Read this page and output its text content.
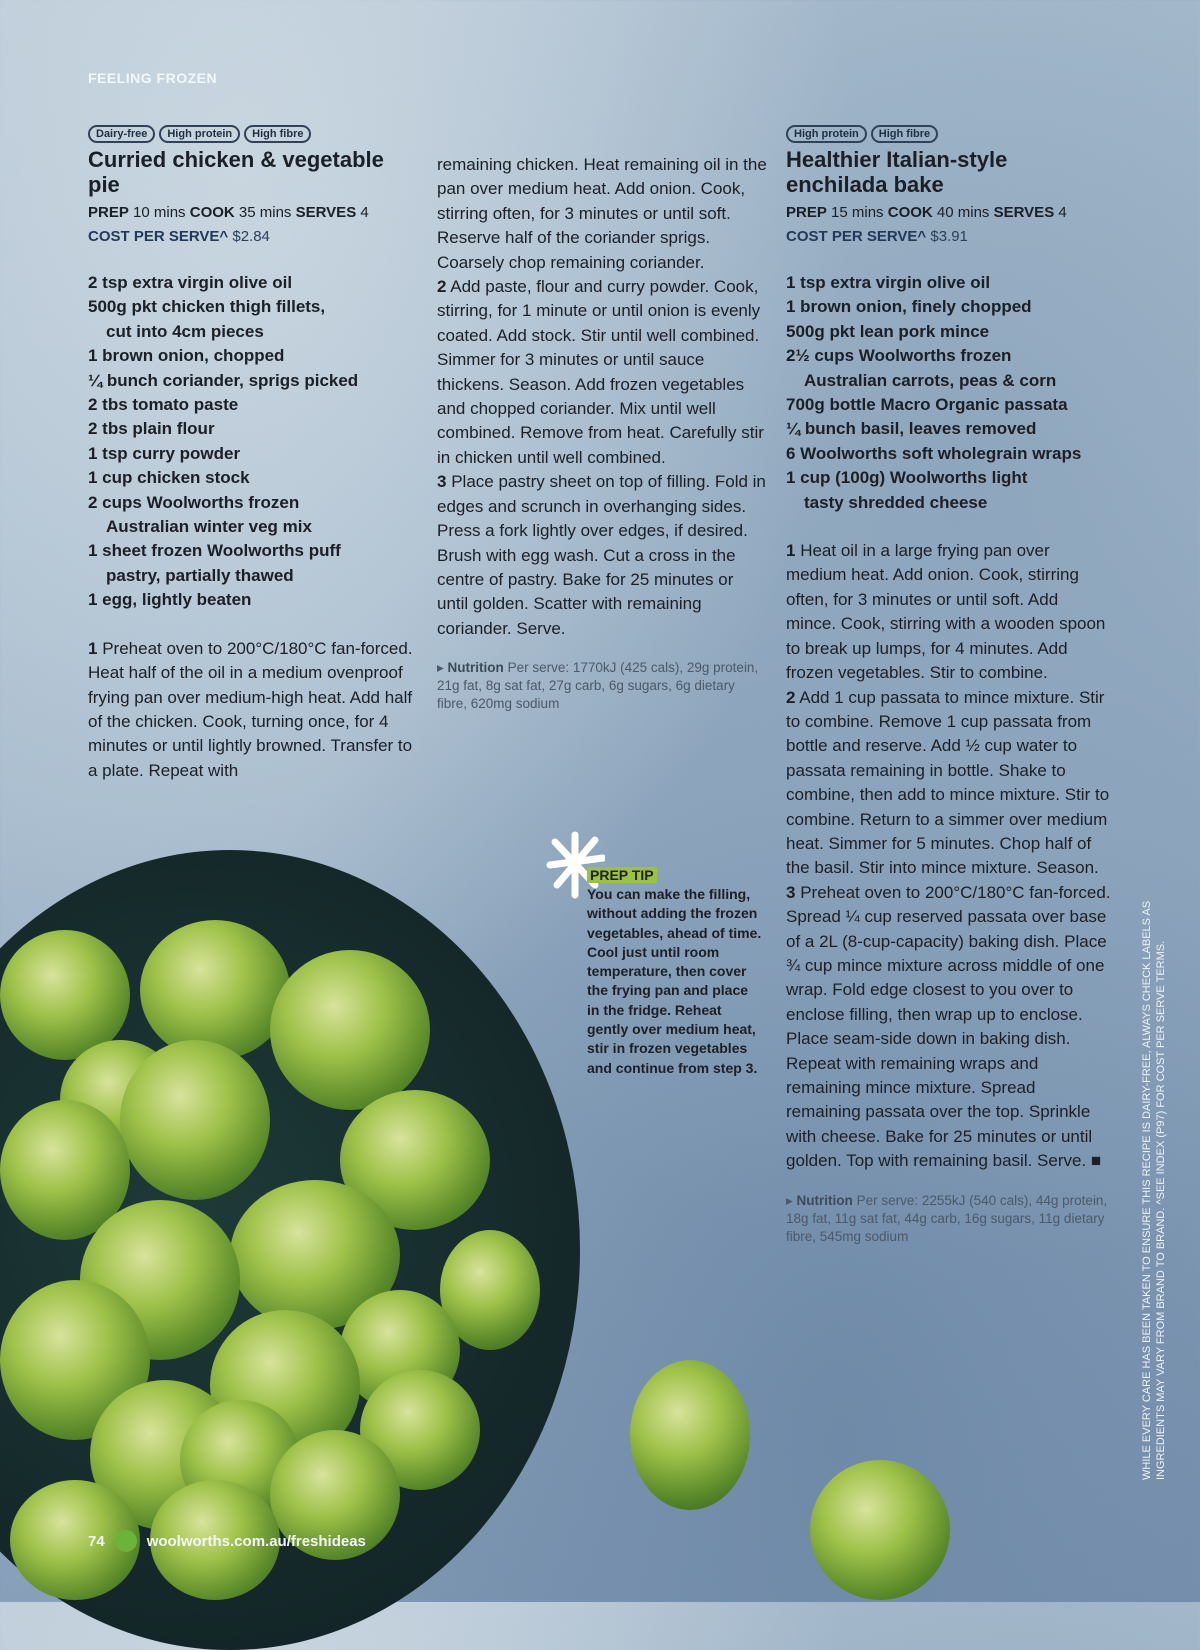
FEELING FROZEN
Dairy-free	High protein	High fibre
Curried chicken & vegetable pie
PREP 10 mins COOK 35 mins SERVES 4
COST PER SERVE^ $2.84
2 tsp extra virgin olive oil
500g pkt chicken thigh fillets,
cut into 4cm pieces
1 brown onion, chopped
¼ bunch coriander, sprigs picked
2 tbs tomato paste
2 tbs plain flour
1 tsp curry powder
1 cup chicken stock
2 cups Woolworths frozen
Australian winter veg mix
1 sheet frozen Woolworths puff
pastry, partially thawed
1 egg, lightly beaten
1 Preheat oven to 200°C/180°C fan-forced. Heat half of the oil in a medium ovenproof frying pan over medium-high heat. Add half of the chicken. Cook, turning once, for 4 minutes or until lightly browned. Transfer to a plate. Repeat with
remaining chicken. Heat remaining oil in the pan over medium heat. Add onion. Cook, stirring often, for 3 minutes or until soft. Reserve half of the coriander sprigs. Coarsely chop remaining coriander.
2 Add paste, flour and curry powder. Cook, stirring, for 1 minute or until onion is evenly coated. Add stock. Stir until well combined. Simmer for 3 minutes or until sauce thickens. Season. Add frozen vegetables and chopped coriander. Mix until well combined. Remove from heat. Carefully stir in chicken until well combined.
3 Place pastry sheet on top of filling. Fold in edges and scrunch in overhanging sides. Press a fork lightly over edges, if desired. Brush with egg wash. Cut a cross in the centre of pastry. Bake for 25 minutes or until golden. Scatter with remaining coriander. Serve.
▸ Nutrition Per serve: 1770kJ (425 cals), 29g protein, 21g fat, 8g sat fat, 27g carb, 6g sugars, 6g dietary fibre, 620mg sodium
PREP TIP
You can make the filling, without adding the frozen vegetables, ahead of time. Cool just until room temperature, then cover the frying pan and place in the fridge. Reheat gently over medium heat, stir in frozen vegetables and continue from step 3.
High protein	High fibre
Healthier Italian-style enchilada bake
PREP 15 mins COOK 40 mins SERVES 4
COST PER SERVE^ $3.91
1 tsp extra virgin olive oil
1 brown onion, finely chopped
500g pkt lean pork mince
2½ cups Woolworths frozen
Australian carrots, peas & corn
700g bottle Macro Organic passata
¼ bunch basil, leaves removed
6 Woolworths soft wholegrain wraps
1 cup (100g) Woolworths light
tasty shredded cheese
1 Heat oil in a large frying pan over medium heat. Add onion. Cook, stirring often, for 3 minutes or until soft. Add mince. Cook, stirring with a wooden spoon to break up lumps, for 4 minutes. Add frozen vegetables. Stir to combine.
2 Add 1 cup passata to mince mixture. Stir to combine. Remove 1 cup passata from bottle and reserve. Add ½ cup water to passata remaining in bottle. Shake to combine, then add to mince mixture. Stir to combine. Return to a simmer over medium heat. Simmer for 5 minutes. Chop half of the basil. Stir into mince mixture. Season.
3 Preheat oven to 200°C/180°C fan-forced. Spread ¼ cup reserved passata over base of a 2L (8-cup-capacity) baking dish. Place ¾ cup mince mixture across middle of one wrap. Fold edge closest to you over to enclose filling, then wrap up to enclose. Place seam-side down in baking dish. Repeat with remaining wraps and remaining mince mixture. Spread remaining passata over the top. Sprinkle with cheese. Bake for 25 minutes or until golden. Top with remaining basil. Serve. ■
▸ Nutrition Per serve: 2255kJ (540 cals), 44g protein, 18g fat, 11g sat fat, 44g carb, 16g sugars, 11g dietary fibre, 545mg sodium	WHILE EVERY CARE HAS BEEN TAKEN TO ENSURE THIS RECIPE IS DAIRY-FREE, ALWAYS CHECK LABELS AS INGREDIENTS MAY VARY FROM BRAND TO BRAND. ^SEE INDEX (P97) FOR COST PER SERVE TERMS.
74	woolworths.com.au/freshideas
